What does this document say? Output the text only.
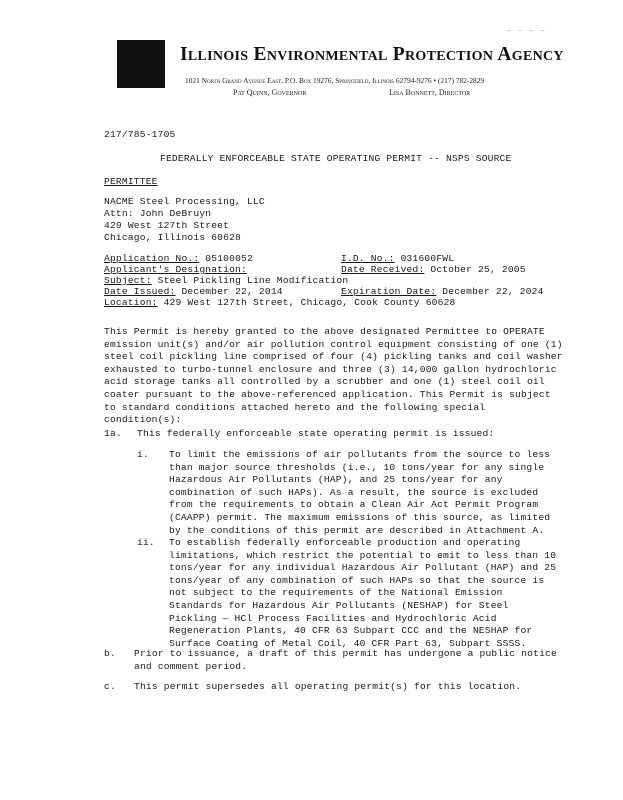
_ _ _ _
Illinois Environmental Protection Agency
1021 North Grand Avenue East, P.O. Box 19276, Springfield, Illinois 62794-9276 • (217) 782-2829
Pat Quinn, Governor	Lisa Bonnett, Director
217/785-1705
FEDERALLY ENFORCEABLE STATE OPERATING PERMIT -- NSPS SOURCE
PERMITTEE
NACME Steel Processing, LLC
Attn: John DeBruyn
429 West 127th Street
Chicago, Illinois 60628
Application No.: 05100052	I.D. No.: 031600FWL
Applicant's Designation:	Date Received: October 25, 2005
Subject: Steel Pickling Line Modification
Date Issued: December 22, 2014	Expiration Date: December 22, 2024
Location: 429 West 127th Street, Chicago, Cook County 60628
This Permit is hereby granted to the above designated Permittee to OPERATE
emission unit(s) and/or air pollution control equipment consisting of one (1)
steel coil pickling line comprised of four (4) pickling tanks and coil washer
exhausted to turbo-tunnel enclosure and three (3) 14,000 gallon hydrochloric
acid storage tanks all controlled by a scrubber and one (1) steel coil oil
coater pursuant to the above-referenced application. This Permit is subject
to standard conditions attached hereto and the following special
condition(s):
1a. This federally enforceable state operating permit is issued:
i. To limit the emissions of air pollutants from the source to less
than major source thresholds (i.e., 10 tons/year for any single
Hazardous Air Pollutants (HAP), and 25 tons/year for any
combination of such HAPs). As a result, the source is excluded
from the requirements to obtain a Clean Air Act Permit Program
(CAAPP) permit. The maximum emissions of this source, as limited
by the conditions of this permit are described in Attachment A.
ii. To establish federally enforceable production and operating
limitations, which restrict the potential to emit to less than 10
tons/year for any individual Hazardous Air Pollutant (HAP) and 25
tons/year of any combination of such HAPs so that the source is
not subject to the requirements of the National Emission
Standards for Hazardous Air Pollutants (NESHAP) for Steel
Pickling — HCl Process Facilities and Hydrochloric Acid
Regeneration Plants, 40 CFR 63 Subpart CCC and the NESHAP for
Surface Coating of Metal Coil, 40 CFR Part 63, Subpart SSSS.
b. Prior to issuance, a draft of this permit has undergone a public notice
and comment period.
c. This permit supersedes all operating permit(s) for this location.
